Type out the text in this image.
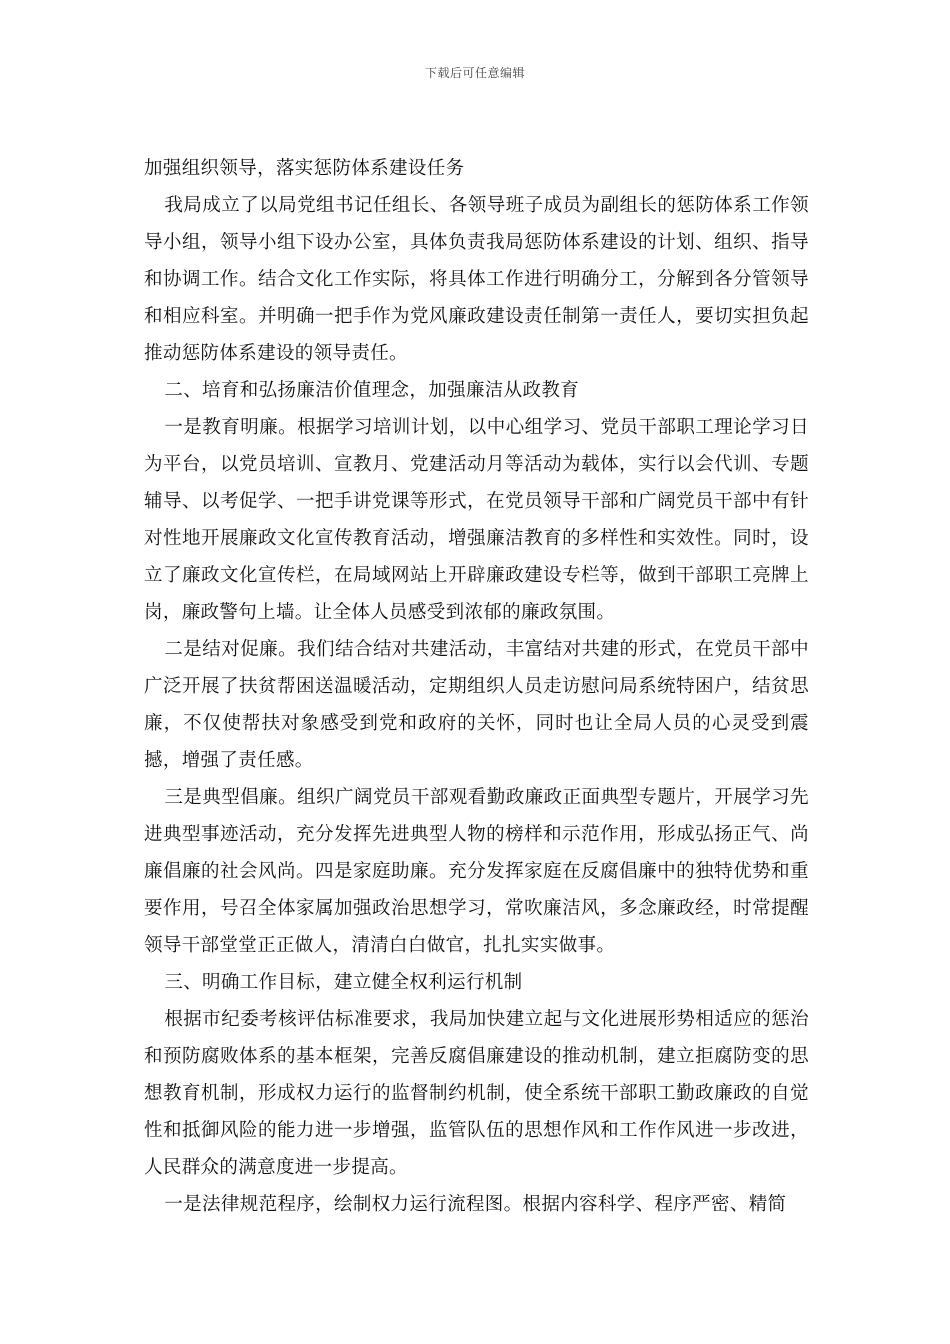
下载后可任意编辑

加强组织领导，落实惩防体系建设任务

我局成立了以局党组书记任组长、各领导班子成员为副组长的惩防体系工作领导小组，领导小组下设办公室，具体负责我局惩防体系建设的计划、组织、指导和协调工作。结合文化工作实际，将具体工作进行明确分工，分解到各分管领导和相应科室。并明确一把手作为党风廉政建设责任制第一责任人，要切实担负起推动惩防体系建设的领导责任。

二、培育和弘扬廉洁价值理念，加强廉洁从政教育

一是教育明廉。根据学习培训计划，以中心组学习、党员干部职工理论学习日为平台，以党员培训、宣教月、党建活动月等活动为载体，实行以会代训、专题辅导、以考促学、一把手讲党课等形式，在党员领导干部和广阔党员干部中有针对性地开展廉政文化宣传教育活动，增强廉洁教育的多样性和实效性。同时，设立了廉政文化宣传栏，在局域网站上开辟廉政建设专栏等，做到干部职工亮牌上岗，廉政警句上墙。让全体人员感受到浓郁的廉政氛围。

二是结对促廉。我们结合结对共建活动，丰富结对共建的形式，在党员干部中广泛开展了扶贫帮困送温暖活动，定期组织人员走访慰问局系统特困户，结贫思廉，不仅使帮扶对象感受到党和政府的关怀，同时也让全局人员的心灵受到震撼，增强了责任感。

三是典型倡廉。组织广阔党员干部观看勤政廉政正面典型专题片，开展学习先进典型事迹活动，充分发挥先进典型人物的榜样和示范作用，形成弘扬正气、尚廉倡廉的社会风尚。四是家庭助廉。充分发挥家庭在反腐倡廉中的独特优势和重要作用，号召全体家属加强政治思想学习，常吹廉洁风，多念廉政经，时常提醒领导干部堂堂正正做人，清清白白做官，扎扎实实做事。

三、明确工作目标，建立健全权利运行机制

根据市纪委考核评估标准要求，我局加快建立起与文化进展形势相适应的惩治和预防腐败体系的基本框架，完善反腐倡廉建设的推动机制，建立拒腐防变的思想教育机制，形成权力运行的监督制约机制，使全系统干部职工勤政廉政的自觉性和抵御风险的能力进一步增强，监管队伍的思想作风和工作作风进一步改进，人民群众的满意度进一步提高。

一是法律规范程序，绘制权力运行流程图。根据内容科学、程序严密、精简
